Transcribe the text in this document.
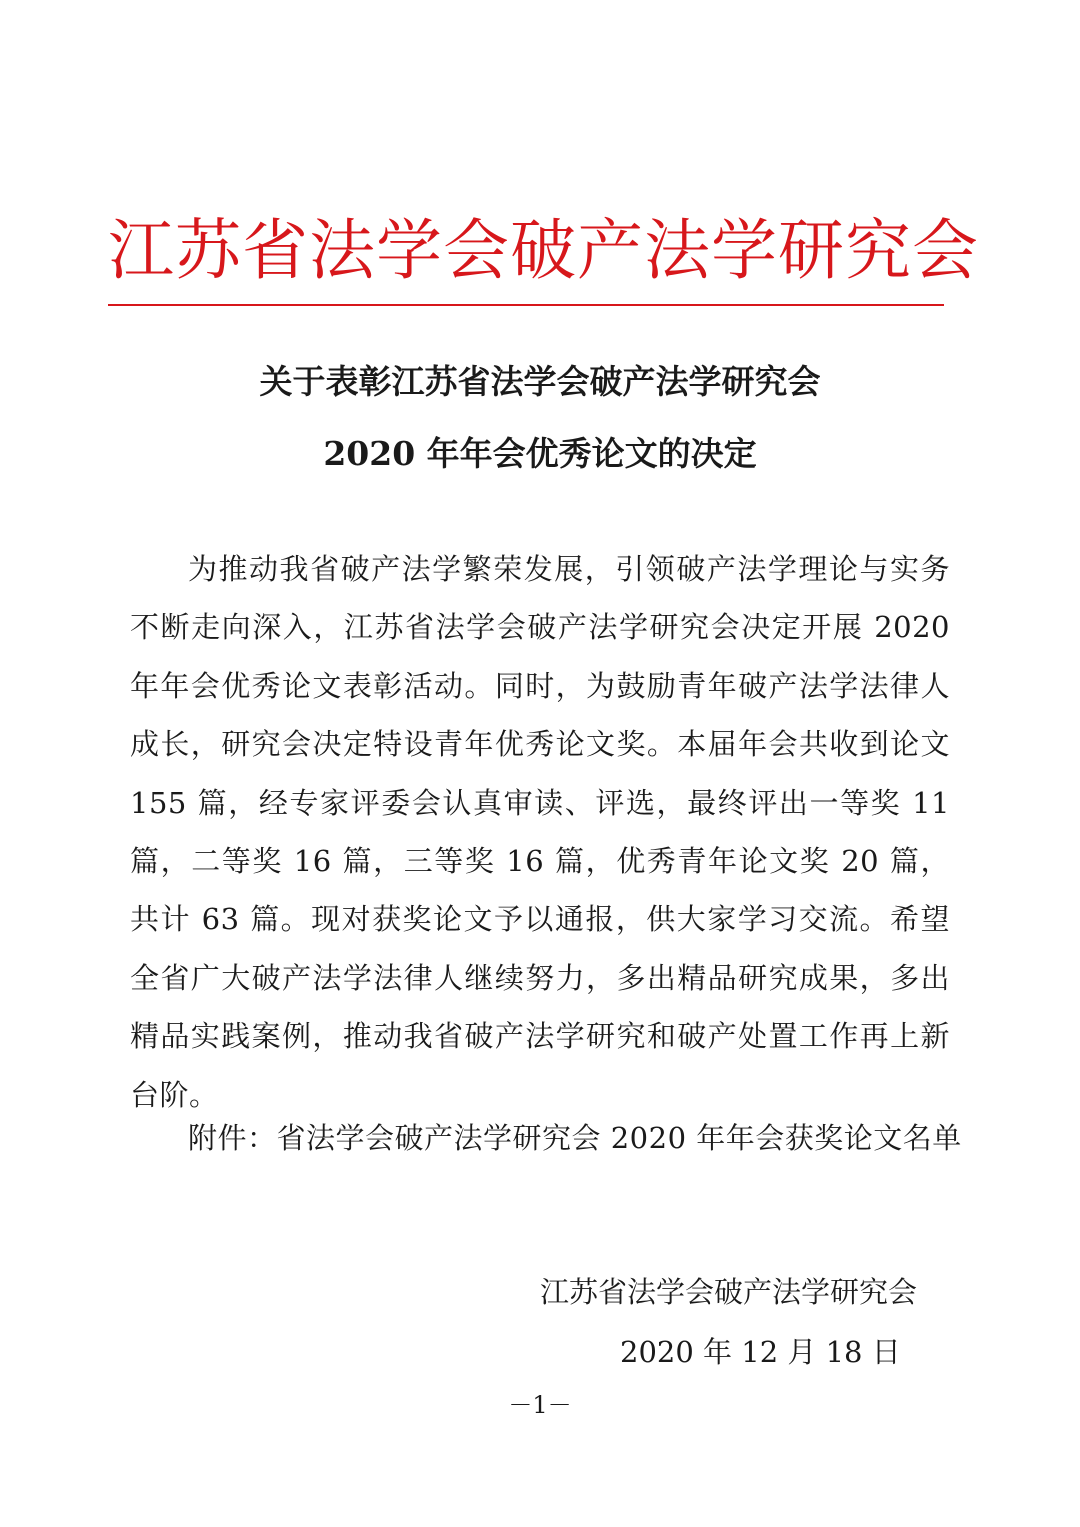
江苏省法学会破产法学研究会
关于表彰江苏省法学会破产法学研究会
2020 年年会优秀论文的决定

为推动我省破产法学繁荣发展，引领破产法学理论与实务不断走向深入，江苏省法学会破产法学研究会决定开展 2020 年年会优秀论文表彰活动。同时，为鼓励青年破产法学法律人成长，研究会决定特设青年优秀论文奖。本届年会共收到论文 155 篇，经专家评委会认真审读、评选，最终评出一等奖 11 篇，二等奖 16 篇，三等奖 16 篇，优秀青年论文奖 20 篇，共计 63 篇。现对获奖论文予以通报，供大家学习交流。希望全省广大破产法学法律人继续努力，多出精品研究成果，多出精品实践案例，推动我省破产法学研究和破产处置工作再上新台阶。

附件：省法学会破产法学研究会 2020 年年会获奖论文名单
江苏省法学会破产法学研究会
2020 年 12 月 18 日
－1－
